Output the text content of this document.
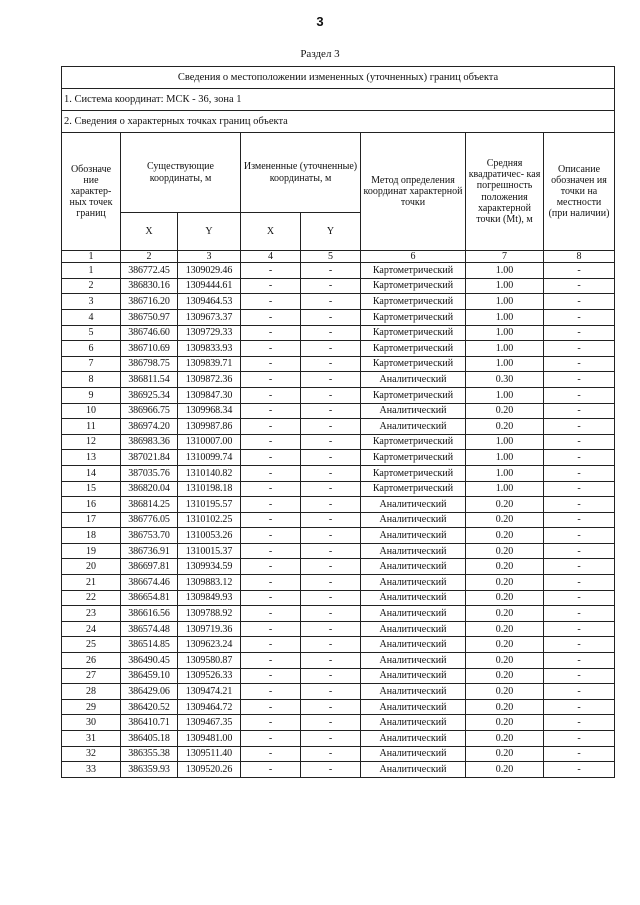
3
Раздел 3
Сведения о местоположении измененных (уточненных) границ объекта							
1. Система координат: МСК - 36, зона 1							
2. Сведения о характерных точках границ объекта							
Обозначе ние характер- ных точек границ	Существующие координаты, м		Измененные (уточненные) координаты, м		Метод определения координат характерной точки	Средняя квадратичес- кая погрешность положения характерной точки (Mt), м	Описание обозначен ия точки на местности (при наличии)
	X	Y	X	Y			
1	2	3	4	5	6	7	8
1	386772.45	1309029.46	-	-	Картометрический	1.00	-
2	386830.16	1309444.61	-	-	Картометрический	1.00	-
3	386716.20	1309464.53	-	-	Картометрический	1.00	-
4	386750.97	1309673.37	-	-	Картометрический	1.00	-
5	386746.60	1309729.33	-	-	Картометрический	1.00	-
6	386710.69	1309833.93	-	-	Картометрический	1.00	-
7	386798.75	1309839.71	-	-	Картометрический	1.00	-
8	386811.54	1309872.36	-	-	Аналитический	0.30	-
9	386925.34	1309847.30	-	-	Картометрический	1.00	-
10	386966.75	1309968.34	-	-	Аналитический	0.20	-
11	386974.20	1309987.86	-	-	Аналитический	0.20	-
12	386983.36	1310007.00	-	-	Картометрический	1.00	-
13	387021.84	1310099.74	-	-	Картометрический	1.00	-
14	387035.76	1310140.82	-	-	Картометрический	1.00	-
15	386820.04	1310198.18	-	-	Картометрический	1.00	-
16	386814.25	1310195.57	-	-	Аналитический	0.20	-
17	386776.05	1310102.25	-	-	Аналитический	0.20	-
18	386753.70	1310053.26	-	-	Аналитический	0.20	-
19	386736.91	1310015.37	-	-	Аналитический	0.20	-
20	386697.81	1309934.59	-	-	Аналитический	0.20	-
21	386674.46	1309883.12	-	-	Аналитический	0.20	-
22	386654.81	1309849.93	-	-	Аналитический	0.20	-
23	386616.56	1309788.92	-	-	Аналитический	0.20	-
24	386574.48	1309719.36	-	-	Аналитический	0.20	-
25	386514.85	1309623.24	-	-	Аналитический	0.20	-
26	386490.45	1309580.87	-	-	Аналитический	0.20	-
27	386459.10	1309526.33	-	-	Аналитический	0.20	-
28	386429.06	1309474.21	-	-	Аналитический	0.20	-
29	386420.52	1309464.72	-	-	Аналитический	0.20	-
30	386410.71	1309467.35	-	-	Аналитический	0.20	-
31	386405.18	1309481.00	-	-	Аналитический	0.20	-
32	386355.38	1309511.40	-	-	Аналитический	0.20	-
33	386359.93	1309520.26	-	-	Аналитический	0.20	-
